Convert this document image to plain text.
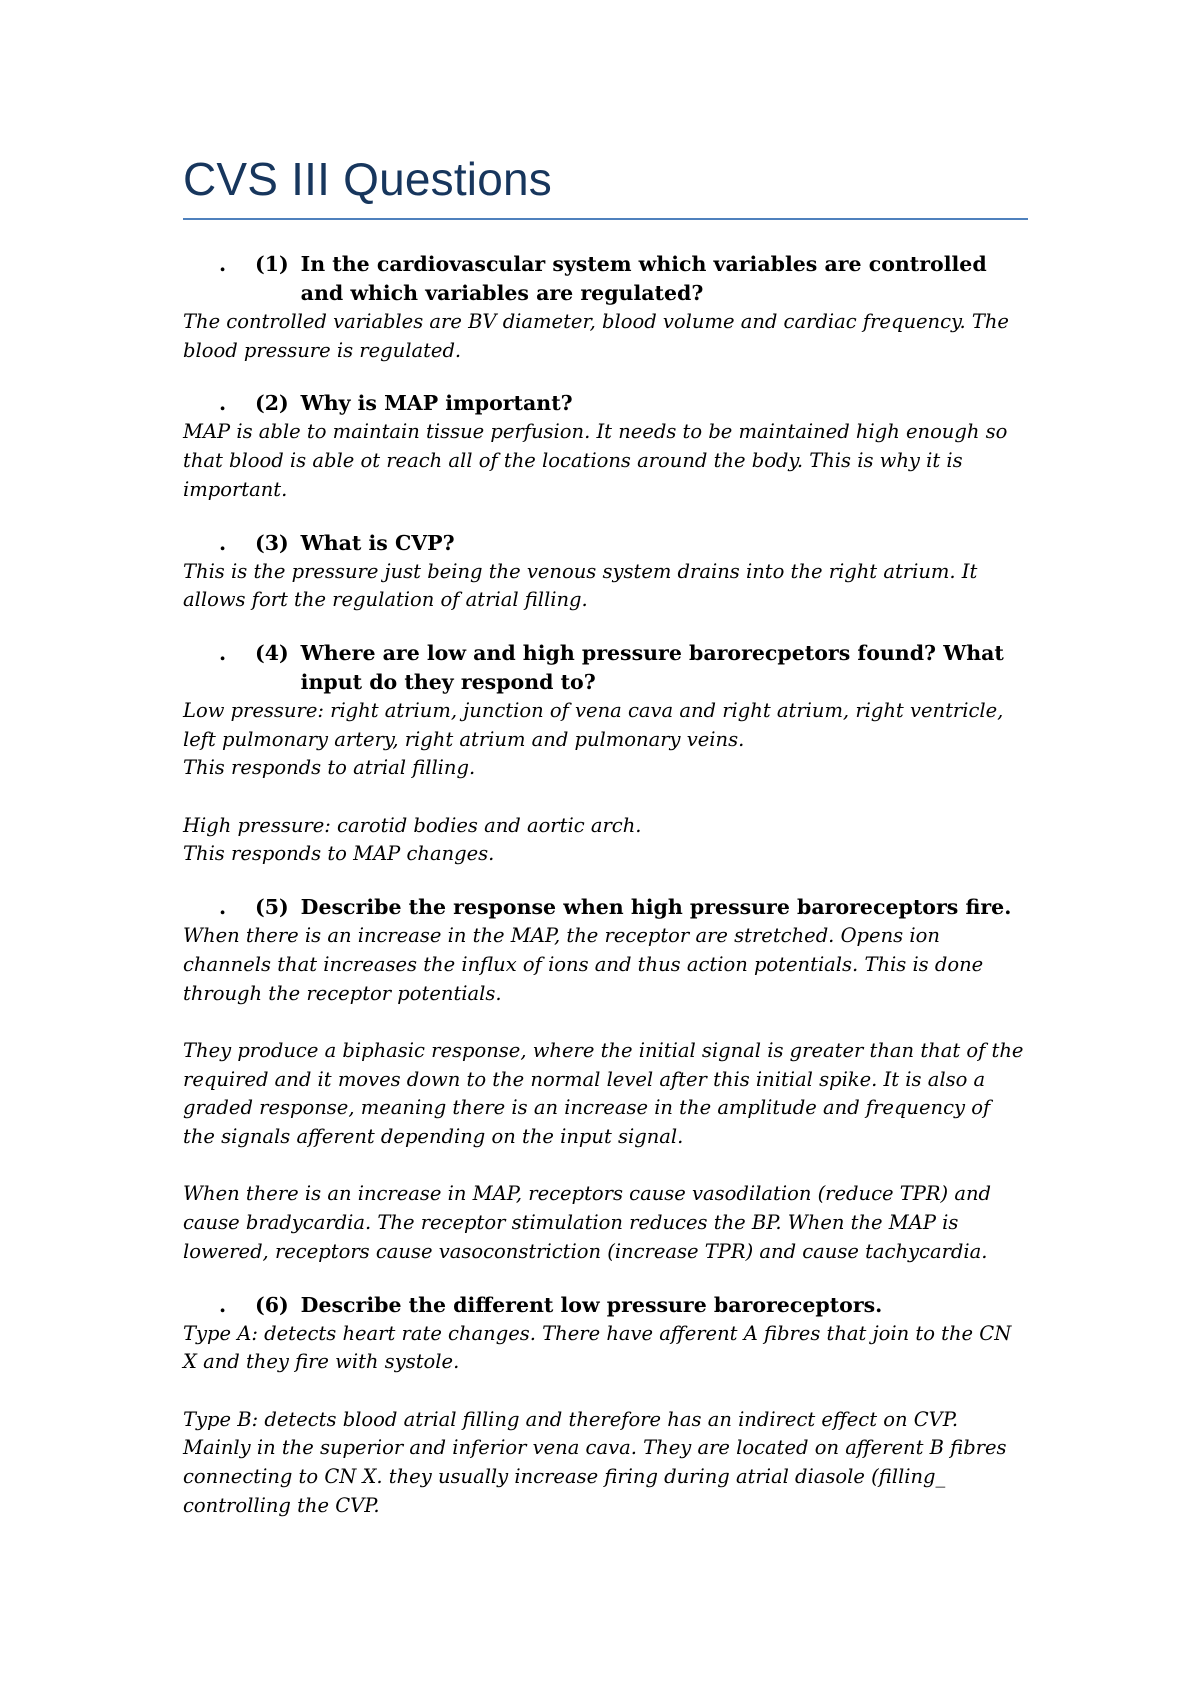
CVS III Questions
.	(1) In the cardiovascular system which variables are controlled and which variables are regulated?

The controlled variables are BV diameter, blood volume and cardiac frequency. The blood pressure is regulated.

.	(2) Why is MAP important?

MAP is able to maintain tissue perfusion. It needs to be maintained high enough so that blood is able ot reach all of the locations around the body. This is why it is important.

.	(3) What is CVP?

This is the pressure just being the venous system drains into the right atrium. It allows fort the regulation of atrial filling.

.	(4) Where are low and high pressure barorecpetors found? What input do they respond to?

Low pressure: right atrium, junction of vena cava and right atrium, right ventricle, left pulmonary artery, right atrium and pulmonary veins.

This responds to atrial filling.

High pressure: carotid bodies and aortic arch.

This responds to MAP changes.

.	(5) Describe the response when high pressure baroreceptors fire.

When there is an increase in the MAP, the receptor are stretched. Opens ion channels that increases the influx of ions and thus action potentials. This is done through the receptor potentials.

They produce a biphasic response, where the initial signal is greater than that of the required and it moves down to the normal level after this initial spike. It is also a graded response, meaning there is an increase in the amplitude and frequency of the signals afferent depending on the input signal.

When there is an increase in MAP, receptors cause vasodilation (reduce TPR) and cause bradycardia. The receptor stimulation reduces the BP. When the MAP is lowered, receptors cause vasoconstriction (increase TPR) and cause tachycardia.

.	(6) Describe the different low pressure baroreceptors.

Type A: detects heart rate changes. There have afferent A fibres that join to the CN X and they fire with systole.

Type B: detects blood atrial filling and therefore has an indirect effect on CVP. Mainly in the superior and inferior vena cava. They are located on afferent B fibres connecting to CN X. they usually increase firing during atrial diasole (filling_ controlling the CVP.
